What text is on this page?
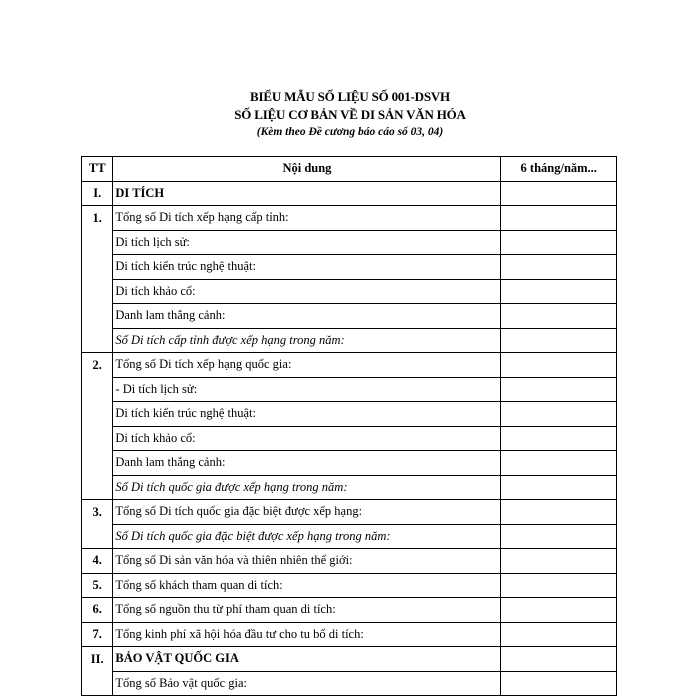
BIỂU MẪU SỐ LIỆU SỐ 001-DSVH
SỐ LIỆU CƠ BẢN VỀ DI SẢN VĂN HÓA
(Kèm theo Đề cương báo cáo số 03, 04)
TT	Nội dung	6 tháng/năm...
I.	DI TÍCH	
1.	Tổng số Di tích xếp hạng cấp tỉnh:	
	Di tích lịch sử:	
	Di tích kiến trúc nghệ thuật:	
	Di tích khảo cổ:	
	Danh lam thắng cảnh:	
	Số Di tích cấp tỉnh được xếp hạng trong năm:	
2.	Tổng số Di tích xếp hạng quốc gia:	
	- Di tích lịch sử:	
	Di tích kiến trúc nghệ thuật:	
	Di tích khảo cổ:	
	Danh lam thắng cảnh:	
	Số Di tích quốc gia được xếp hạng trong năm:	
3.	Tổng số Di tích quốc gia đặc biệt được xếp hạng:	
	Số Di tích quốc gia đặc biệt được xếp hạng trong năm:	
4.	Tổng số Di sản văn hóa và thiên nhiên thế giới:	
5.	Tổng số khách tham quan di tích:	
6.	Tổng số nguồn thu từ phí tham quan di tích:	
7.	Tổng kinh phí xã hội hóa đầu tư cho tu bổ di tích:	
II.	BẢO VẬT QUỐC GIA	
	Tổng số Bảo vật quốc gia:	
